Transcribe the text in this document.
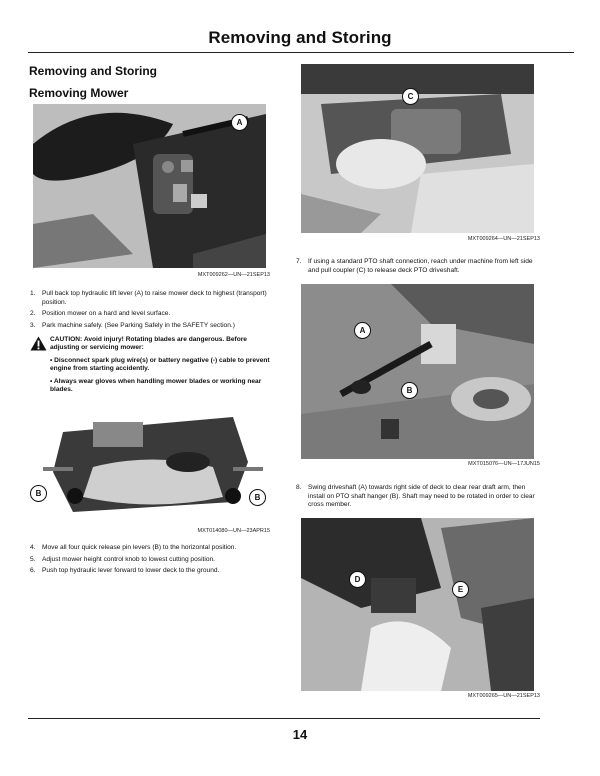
Removing and Storing
Removing and Storing
Removing Mower
A
MXT009262—UN—21SEP13
1. Pull back top hydraulic lift lever (A) to raise mower deck to highest (transport) position.
2. Position mower on a hard and level surface.
3. Park machine safely. (See Parking Safely in the SAFETY section.)

CAUTION: Avoid injury! Rotating blades are dangerous. Before adjusting or servicing mower:

• Disconnect spark plug wire(s) or battery negative (-) cable to prevent engine from starting accidently.

• Always wear gloves when handling mower blades or working near blades.

B	B
MXT014080—UN—23APR15
4. Move all four quick release pin levers (B) to the horizontal position.
5. Adjust mower height control knob to lowest cutting position.
6. Push top hydraulic lever forward to lower deck to the ground.
C
MXT009264—UN—21SEP13
7. If using a standard PTO shaft connection, reach under machine from left side and pull coupler (C) to release deck PTO driveshaft.
A
B
MXT015076—UN—17JUN15
8. Swing driveshaft (A) towards right side of deck to clear rear draft arm, then install on PTO shaft hanger (B). Shaft may need to be rotated in order to clear cross member.
D
E
MXT009265—UN—21SEP13
14
